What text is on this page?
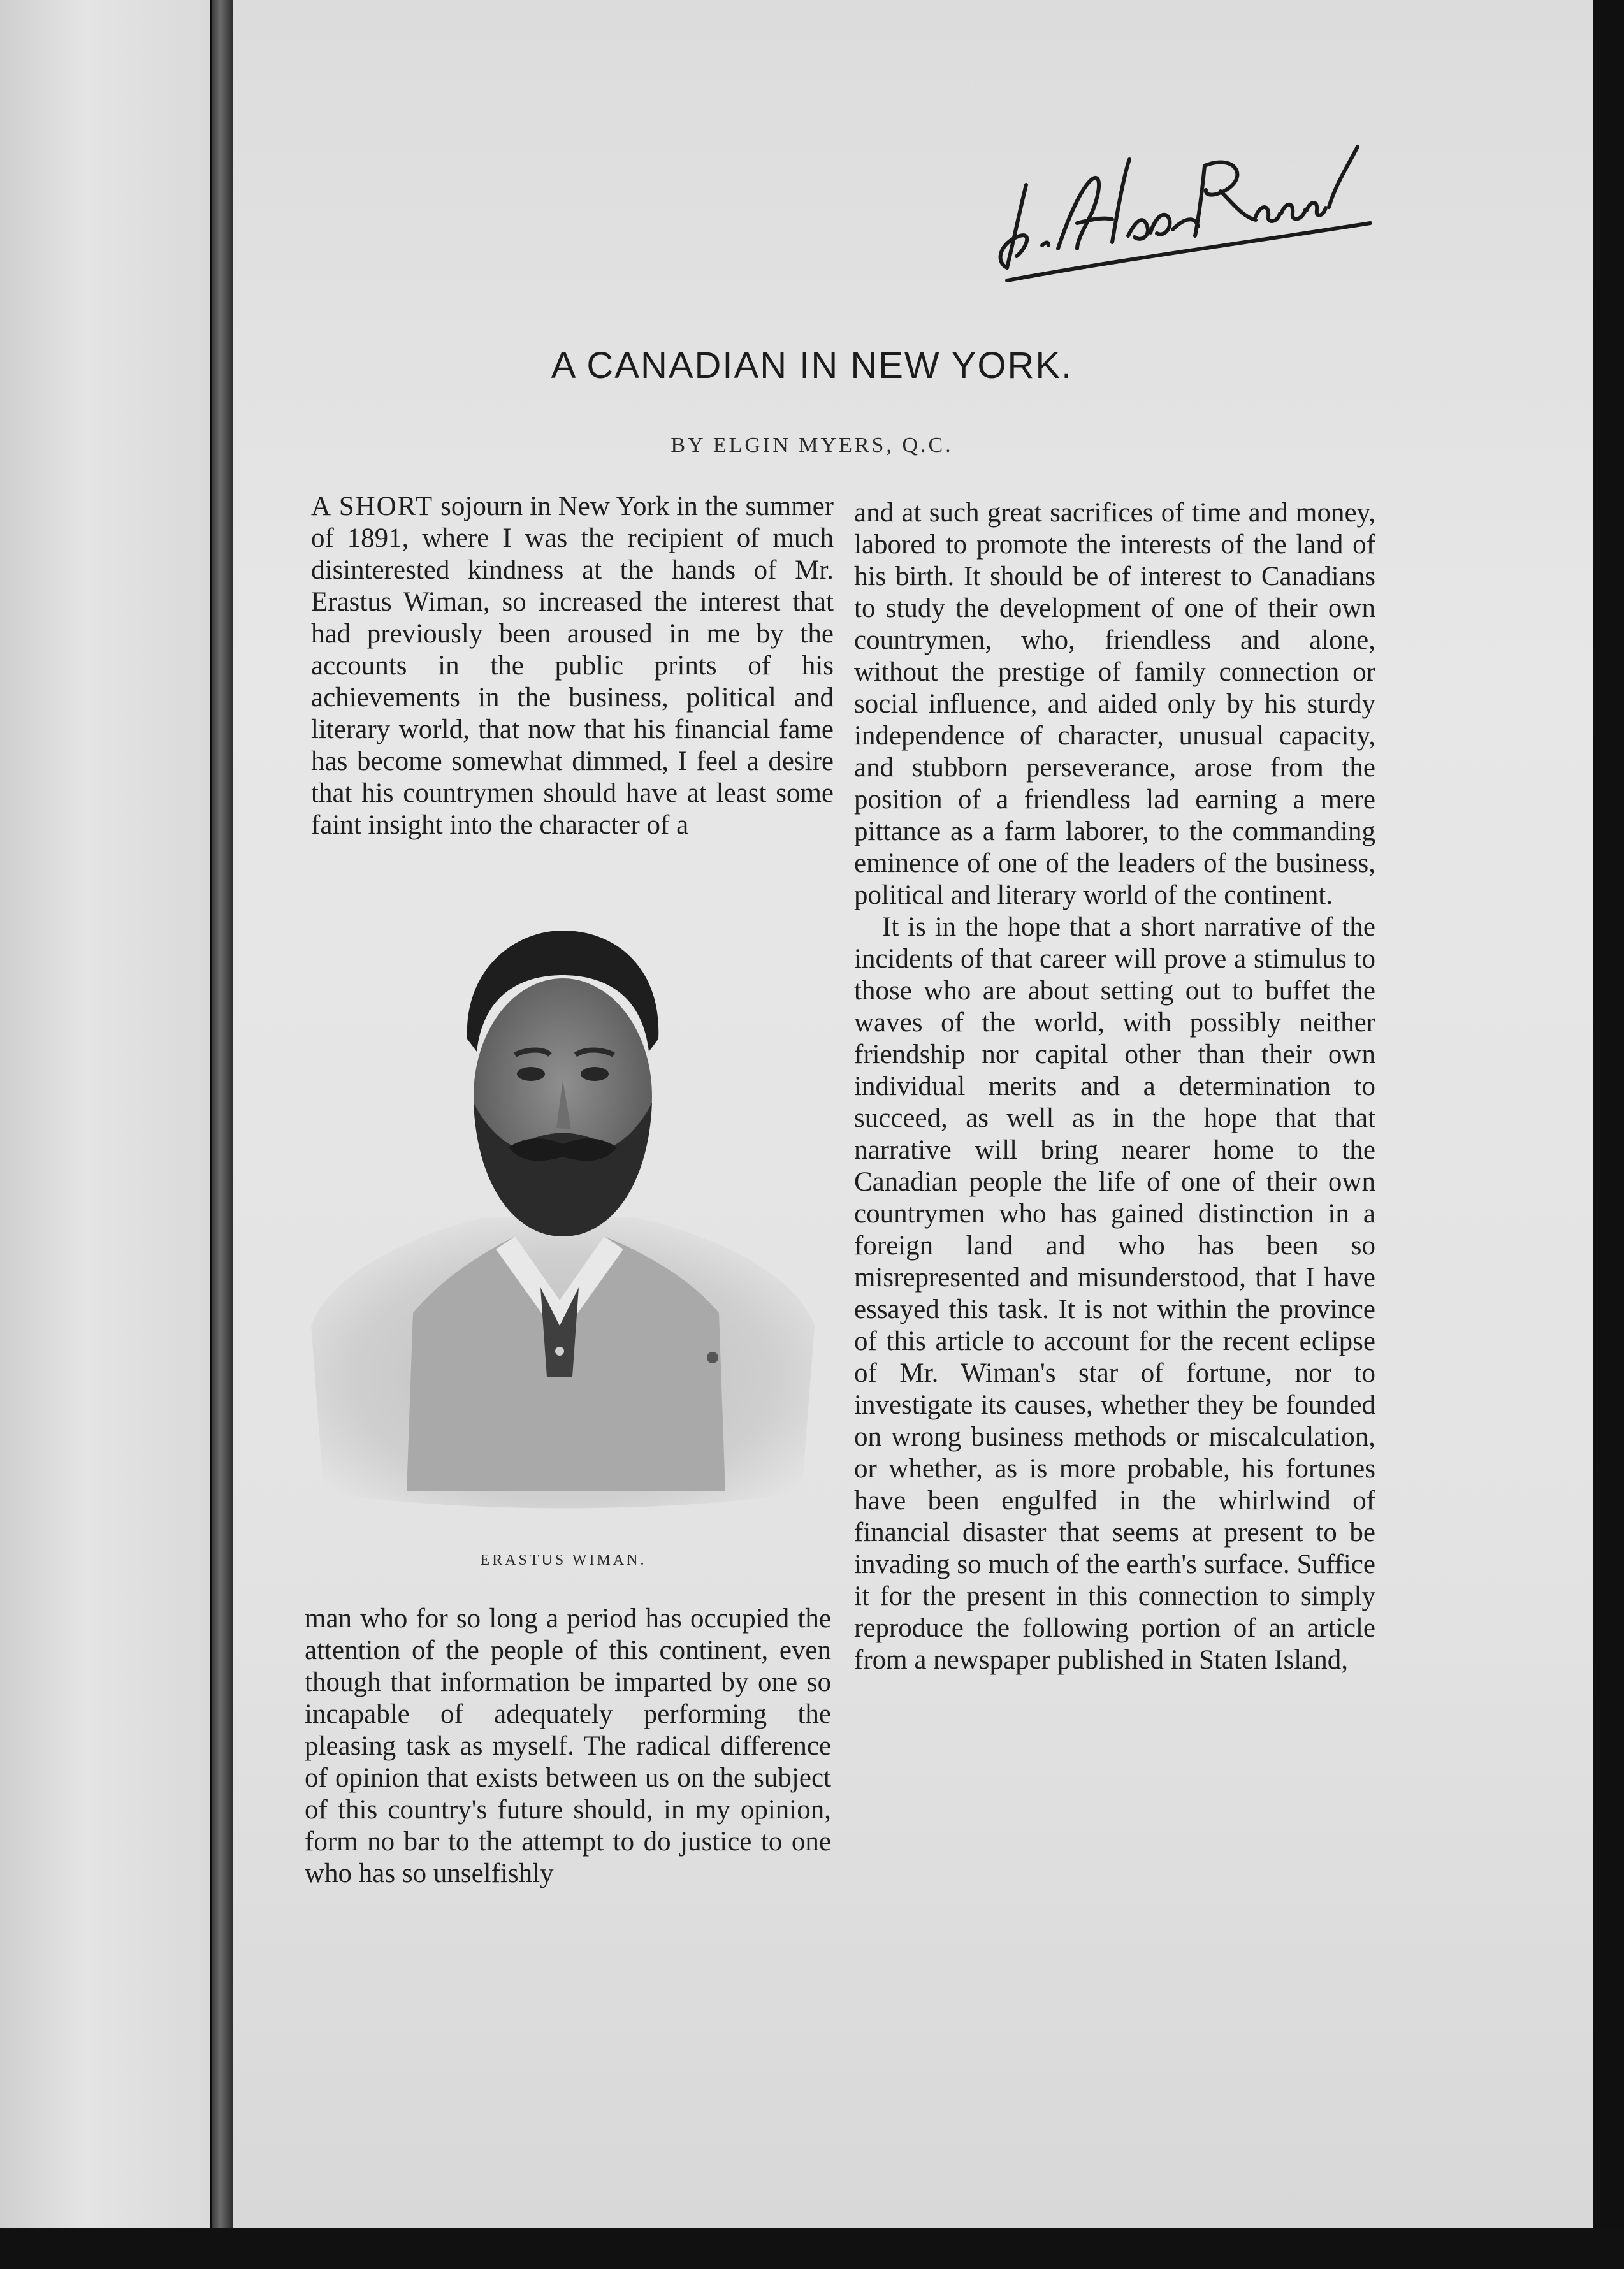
A CANADIAN IN NEW YORK.
BY ELGIN MYERS, Q.C.

A SHORT sojourn in New York in the summer of 1891, where I was the recipient of much disinterested kindness at the hands of Mr. Erastus Wiman, so increased the interest that had previously been aroused in me by the accounts in the public prints of his achievements in the business, political and literary world, that now that his financial fame has become somewhat dimmed, I feel a desire that his countrymen should have at least some faint insight into the character of a

ERASTUS WIMAN.

man who for so long a period has occupied the attention of the people of this continent, even though that information be imparted by one so incapable of adequately performing the pleasing task as myself. The radical difference of opinion that exists between us on the subject of this country's future should, in my opinion, form no bar to the attempt to do justice to one who has so unselfishly

and at such great sacrifices of time and money, labored to promote the interests of the land of his birth. It should be of interest to Canadians to study the development of one of their own countrymen, who, friendless and alone, without the prestige of family connection or social influence, and aided only by his sturdy independence of character, unusual capacity, and stubborn perseverance, arose from the position of a friendless lad earning a mere pittance as a farm laborer, to the commanding eminence of one of the leaders of the business, political and literary world of the continent.

It is in the hope that a short narrative of the incidents of that career will prove a stimulus to those who are about setting out to buffet the waves of the world, with possibly neither friendship nor capital other than their own individual merits and a determination to succeed, as well as in the hope that that narrative will bring nearer home to the Canadian people the life of one of their own countrymen who has gained distinction in a foreign land and who has been so misrepresented and misunderstood, that I have essayed this task. It is not within the province of this article to account for the recent eclipse of Mr. Wiman's star of fortune, nor to investigate its causes, whether they be founded on wrong business methods or miscalculation, or whether, as is more probable, his fortunes have been engulfed in the whirlwind of financial disaster that seems at present to be invading so much of the earth's surface. Suffice it for the present in this connection to simply reproduce the following portion of an article from a newspaper published in Staten Island,
